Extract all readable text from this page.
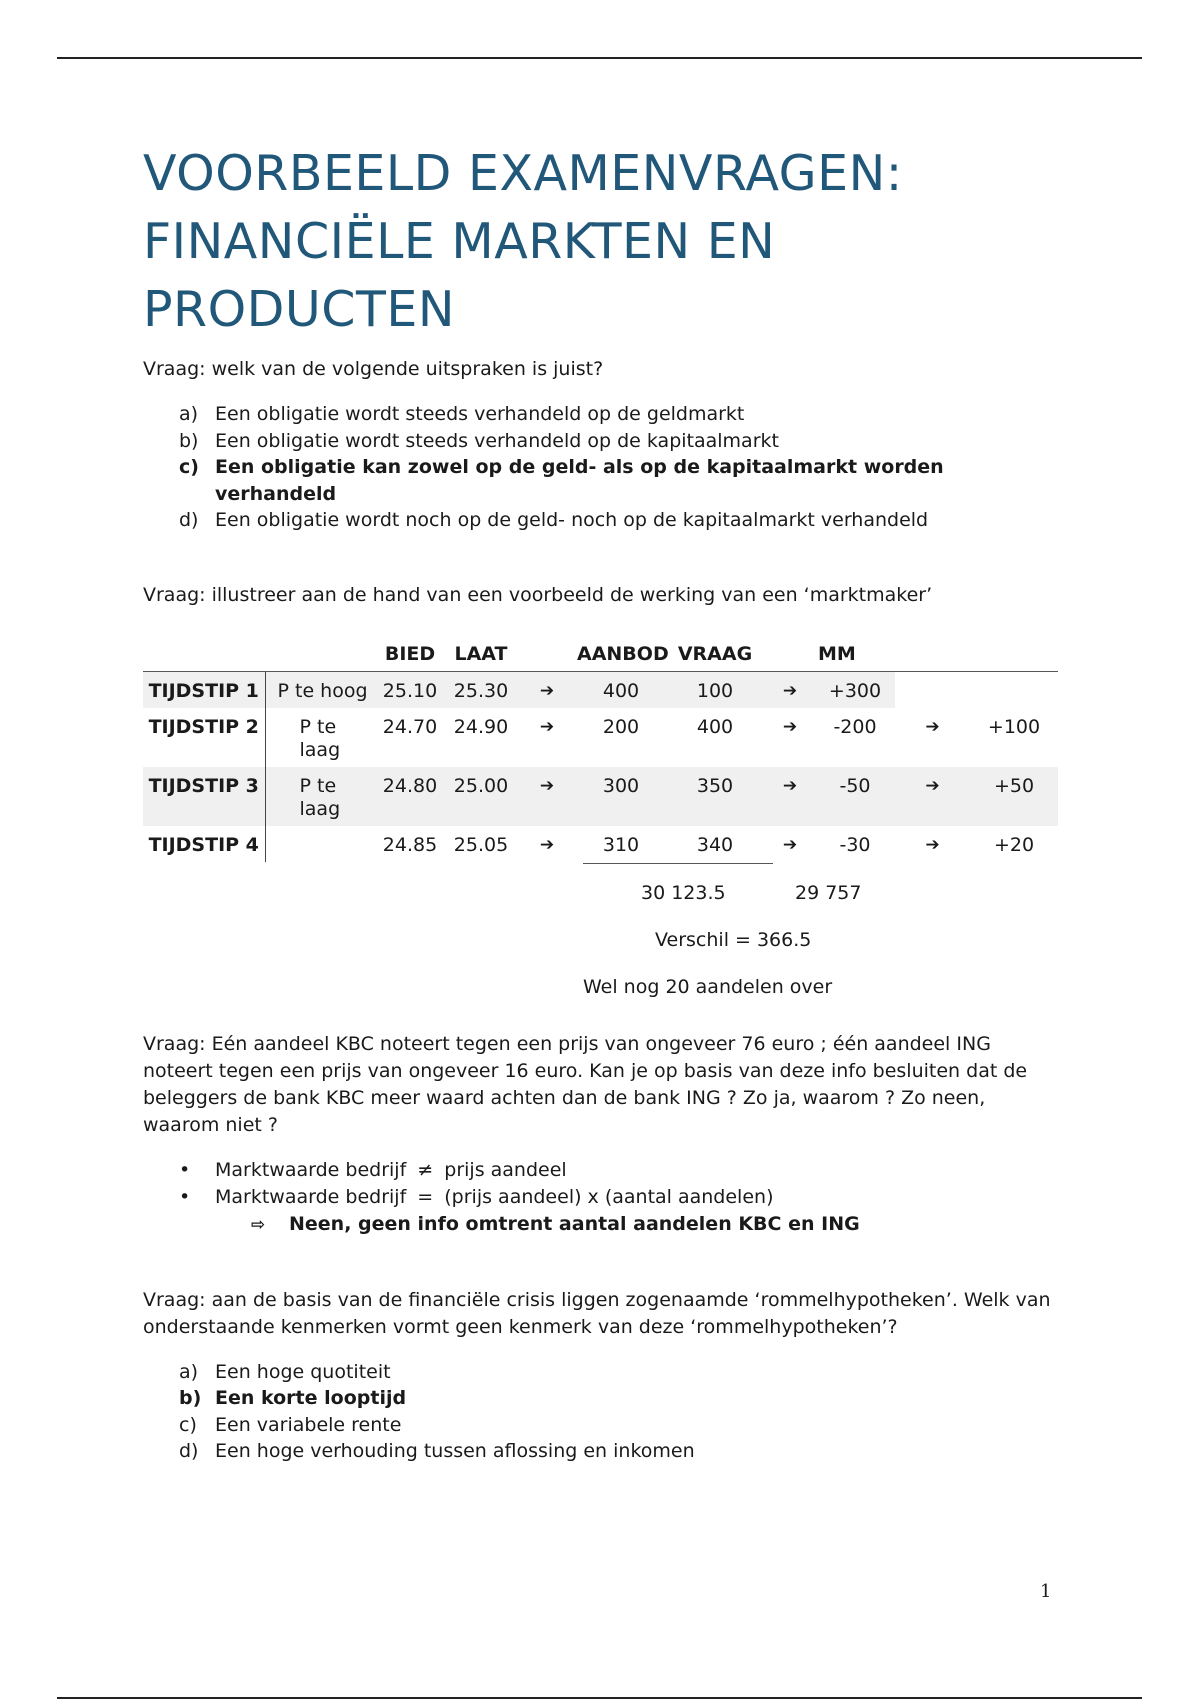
VOORBEELD EXAMENVRAGEN:
FINANCIËLE MARKTEN EN
PRODUCTEN

Vraag: welk van de volgende uitspraken is juist?

a) Een obligatie wordt steeds verhandeld op de geldmarkt
b) Een obligatie wordt steeds verhandeld op de kapitaalmarkt
c) Een obligatie kan zowel op de geld- als op de kapitaalmarkt worden verhandeld
d) Een obligatie wordt noch op de geld- noch op de kapitaalmarkt verhandeld

Vraag: illustreer aan de hand van een voorbeeld de werking van een ‘marktmaker’

		BIED	LAAT		AANBOD	VRAAG		MM		
TIJDSTIP 1	P te hoog	25.10	25.30	➔	400	100	➔	+300		
TIJDSTIP 2	P te laag	24.70	24.90	➔	200	400	➔	-200	➔	+100
TIJDSTIP 3	P te laag	24.80	25.00	➔	300	350	➔	-50	➔	+50
TIJDSTIP 4		24.85	25.05	➔	310	340	➔	-30	➔	+20
30 123.5	29 757
Verschil = 366.5
Wel nog 20 aandelen over

Vraag: Eén aandeel KBC noteert tegen een prijs van ongeveer 76 euro ; één aandeel ING noteert tegen een prijs van ongeveer 16 euro. Kan je op basis van deze info besluiten dat de beleggers de bank KBC meer waard achten dan de bank ING ? Zo ja, waarom ? Zo neen, waarom niet ?

•	Marktwaarde bedrijf ≠ prijs aandeel
•	Marktwaarde bedrijf = (prijs aandeel) x (aantal aandelen)

⇨ Neen, geen info omtrent aantal aandelen KBC en ING

Vraag: aan de basis van de financiële crisis liggen zogenaamde ‘rommelhypotheken’. Welk van onderstaande kenmerken vormt geen kenmerk van deze ‘rommelhypotheken’?

a) Een hoge quotiteit
b) Een korte looptijd
c) Een variabele rente
d) Een hoge verhouding tussen aflossing en inkomen
1
